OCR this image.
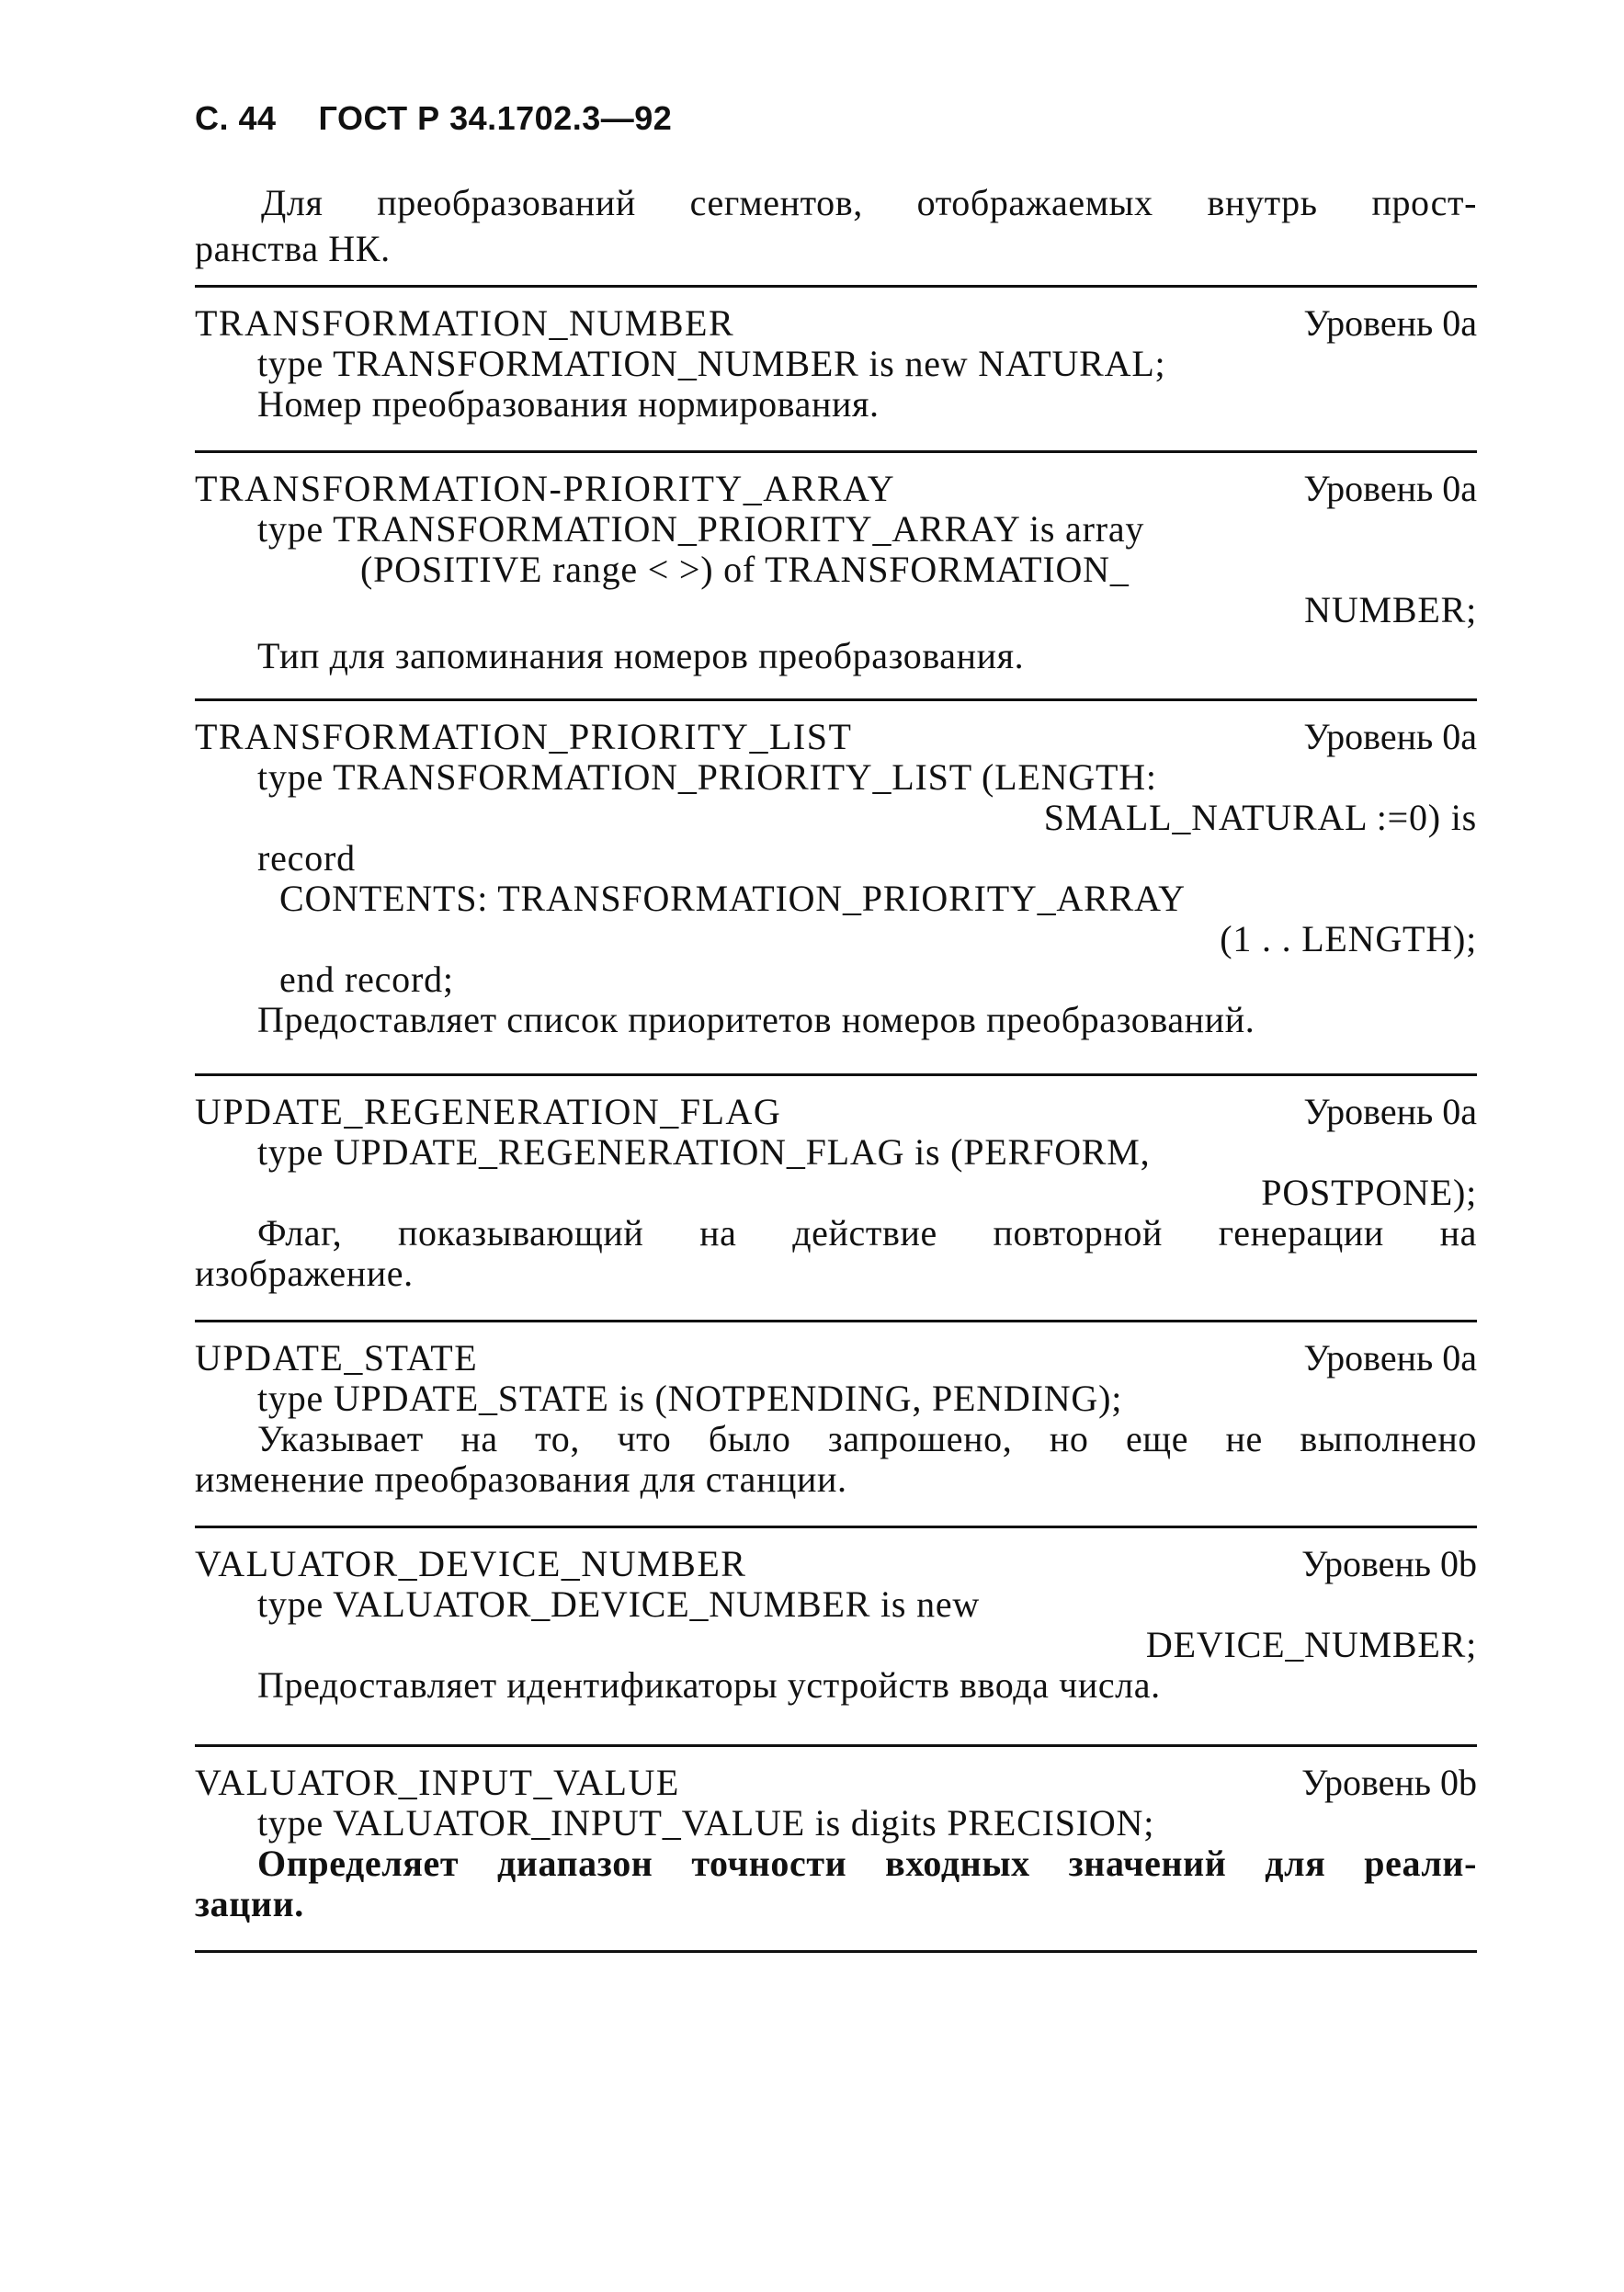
С. 44 ГОСТ Р 34.1702.3—92
Для преобразований сегментов, отображаемых внутрь прост-
ранства НК.
TRANSFORMATION_NUMBER	Уровень 0a
type TRANSFORMATION_NUMBER is new NATURAL;
Номер преобразования нормирования.
TRANSFORMATION-PRIORITY_ARRAY	Уровень 0a
type TRANSFORMATION_PRIORITY_ARRAY is array
(POSITIVE range < >) of TRANSFORMATION_
NUMBER;
Тип для запоминания номеров преобразования.
TRANSFORMATION_PRIORITY_LIST	Уровень 0a
type TRANSFORMATION_PRIORITY_LIST (LENGTH:
SMALL_NATURAL :=0) is
record
CONTENTS: TRANSFORMATION_PRIORITY_ARRAY
(1 . . LENGTH);
end record;
Предоставляет список приоритетов номеров преобразований.
UPDATE_REGENERATION_FLAG	Уровень 0a
type UPDATE_REGENERATION_FLAG is (PERFORM,
POSTPONE);
Флаг, показывающий на действие повторной генерации на
изображение.
UPDATE_STATE	Уровень 0a
type UPDATE_STATE is (NOTPENDING, PENDING);
Указывает на то, что было запрошено, но еще не выполнено
изменение преобразования для станции.
VALUATOR_DEVICE_NUMBER	Уровень 0b
type VALUATOR_DEVICE_NUMBER is new
DEVICE_NUMBER;
Предоставляет идентификаторы устройств ввода числа.
VALUATOR_INPUT_VALUE	Уровень 0b
type VALUATOR_INPUT_VALUE is digits PRECISION;
Определяет диапазон точности входных значений для реали-
зации.
